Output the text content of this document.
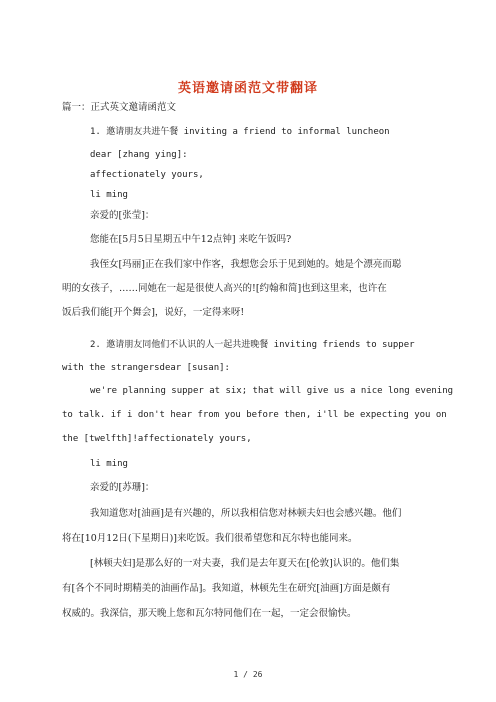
英语邀请函范文带翻译
篇一：正式英文邀请函范文
1. 邀请朋友共进午餐 inviting a friend to informal luncheon
dear [zhang ying]:
affectionately yours,
li ming
亲爱的[张莹]：
您能在[5月5日星期五中午12点钟] 来吃午饭吗?
我侄女[玛丽]正在我们家中作客，我想您会乐于见到她的。她是个漂亮而聪
明的女孩子，……同她在一起是很使人高兴的![约翰和简]也到这里来，也许在
饭后我们能[开个舞会]，说好，一定得来呀!
2. 邀请朋友同他们不认识的人一起共进晚餐 inviting friends to supper
with the strangersdear [susan]:
we're planning supper at six; that will give us a nice long evening
to talk. if i don't hear from you before then, i'll be expecting you on
the [twelfth]!affectionately yours,
li ming
亲爱的[苏珊]：
我知道您对[油画]是有兴趣的，所以我相信您对林顿夫妇也会感兴趣。他们
将在[10月12日(下星期日)]来吃饭。我们很希望您和瓦尔特也能同来。
[林顿夫妇]是那么好的一对夫妻，我们是去年夏天在[伦敦]认识的。他们集
有[各个不同时期精美的油画作品]。我知道，林顿先生在研究[油画]方面是颇有
权威的。我深信，那天晚上您和瓦尔特同他们在一起，一定会很愉快。
1 / 26
